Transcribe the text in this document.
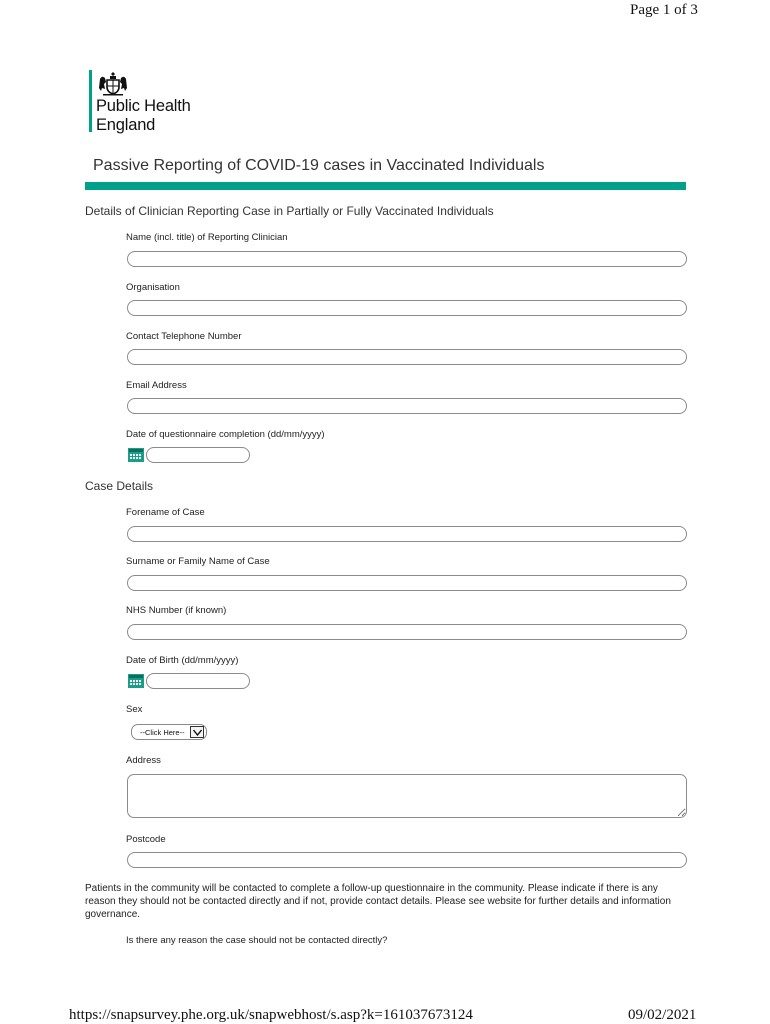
Page 1 of 3
Public Health
England
Passive Reporting of COVID-19 cases in Vaccinated Individuals
Details of Clinician Reporting Case in Partially or Fully Vaccinated Individuals
Name (incl. title) of Reporting Clinician
Organisation
Contact Telephone Number
Email Address
Date of questionnaire completion (dd/mm/yyyy)
Case Details
Forename of Case
Surname or Family Name of Case
NHS Number (if known)
Date of Birth (dd/mm/yyyy)
Sex
--Click Here--
Address
Postcode
Patients in the community will be contacted to complete a follow-up questionnaire in the community. Please indicate if there is any reason they should not be contacted directly and if not, provide contact details. Please see website for further details and information governance.
Is there any reason the case should not be contacted directly?
https://snapsurvey.phe.org.uk/snapwebhost/s.asp?k=161037673124	09/02/2021
